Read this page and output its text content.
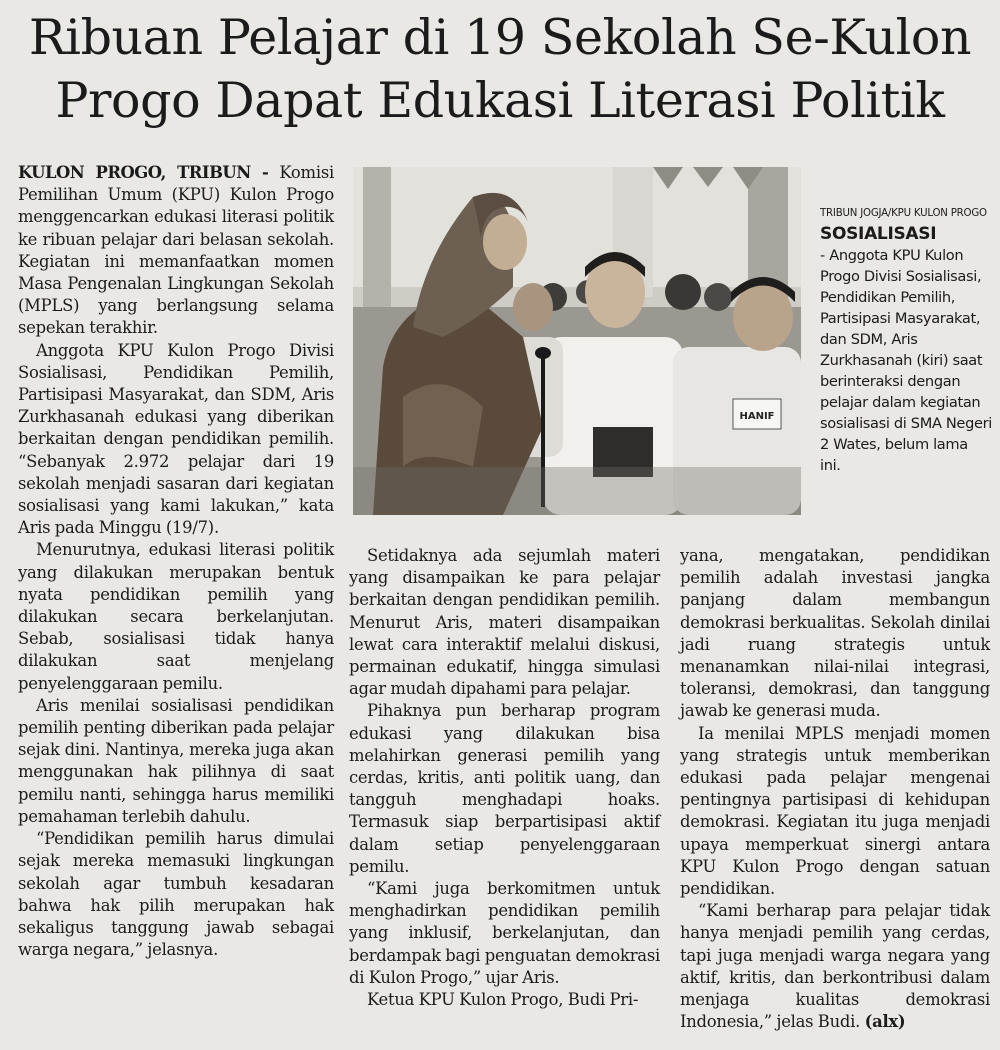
Ribuan Pelajar di 19 Sekolah Se-Kulon
Progo Dapat Edukasi Literasi Politik

KULON PROGO, TRIBUN - Komisi Pemilihan Umum (KPU) Kulon Progo menggencarkan edukasi literasi politik ke ribuan pelajar dari belasan sekolah. Kegiatan ini memanfaatkan momen Masa Pengenalan Lingkungan Sekolah (MPLS) yang berlangsung selama sepekan terakhir.

Anggota KPU Kulon Progo Divisi Sosialisasi, Pendidikan Pemilih, Partisipasi Masyarakat, dan SDM, Aris Zurkhasanah edukasi yang diberikan berkaitan dengan pendidikan pemilih. “Sebanyak 2.972 pelajar dari 19 sekolah menjadi sasaran dari kegiatan sosialisasi yang kami lakukan,” kata Aris pada Minggu (19/7).

Menurutnya, edukasi literasi politik yang dilakukan merupakan bentuk nyata pendidikan pemilih yang dilakukan secara berkelanjutan. Sebab, sosialisasi tidak hanya dilakukan saat menjelang penyelenggaraan pemilu.

Aris menilai sosialisasi pendidikan pemilih penting diberikan pada pelajar sejak dini. Nantinya, mereka juga akan menggunakan hak pilihnya di saat pemilu nanti, sehingga harus memiliki pemahaman terlebih dahulu.

“Pendidikan pemilih harus dimulai sejak mereka memasuki lingkungan sekolah agar tumbuh kesadaran bahwa hak pilih merupakan hak sekaligus tanggung jawab sebagai warga negara,” jelasnya.

HANIF
TRIBUN JOGJA/KPU KULON PROGO
SOSIALISASI
- Anggota KPU Kulon Progo Divisi Sosialisasi, Pendidikan Pemilih, Partisipasi Masyarakat, dan SDM, Aris Zurkhasanah (kiri) saat berinteraksi dengan pelajar dalam kegiatan sosialisasi di SMA Negeri 2 Wates, belum lama ini.

Setidaknya ada sejumlah materi yang disampaikan ke para pelajar berkaitan dengan pendidikan pemilih. Menurut Aris, materi disampaikan lewat cara interaktif melalui diskusi, permainan edukatif, hingga simulasi agar mudah dipahami para pelajar.

Pihaknya pun berharap program edukasi yang dilakukan bisa melahirkan generasi pemilih yang cerdas, kritis, anti politik uang, dan tangguh menghadapi hoaks. Termasuk siap berpartisipasi aktif dalam setiap penyelenggaraan pemilu.

“Kami juga berkomitmen untuk menghadirkan pendidikan pemilih yang inklusif, berkelanjutan, dan berdampak bagi penguatan demokrasi di Kulon Progo,” ujar Aris.

Ketua KPU Kulon Progo, Budi Pri-

yana, mengatakan, pendidikan pemilih adalah investasi jangka panjang dalam membangun demokrasi berkualitas. Sekolah dinilai jadi ruang strategis untuk menanamkan nilai-nilai integrasi, toleransi, demokrasi, dan tanggung jawab ke generasi muda.

Ia menilai MPLS menjadi momen yang strategis untuk memberikan edukasi pada pelajar mengenai pentingnya partisipasi di kehidupan demokrasi. Kegiatan itu juga menjadi upaya memperkuat sinergi antara KPU Kulon Progo dengan satuan pendidikan.

“Kami berharap para pelajar tidak hanya menjadi pemilih yang cerdas, tapi juga menjadi warga negara yang aktif, kritis, dan berkontribusi dalam menjaga kualitas demokrasi Indonesia,” jelas Budi. (alx)
